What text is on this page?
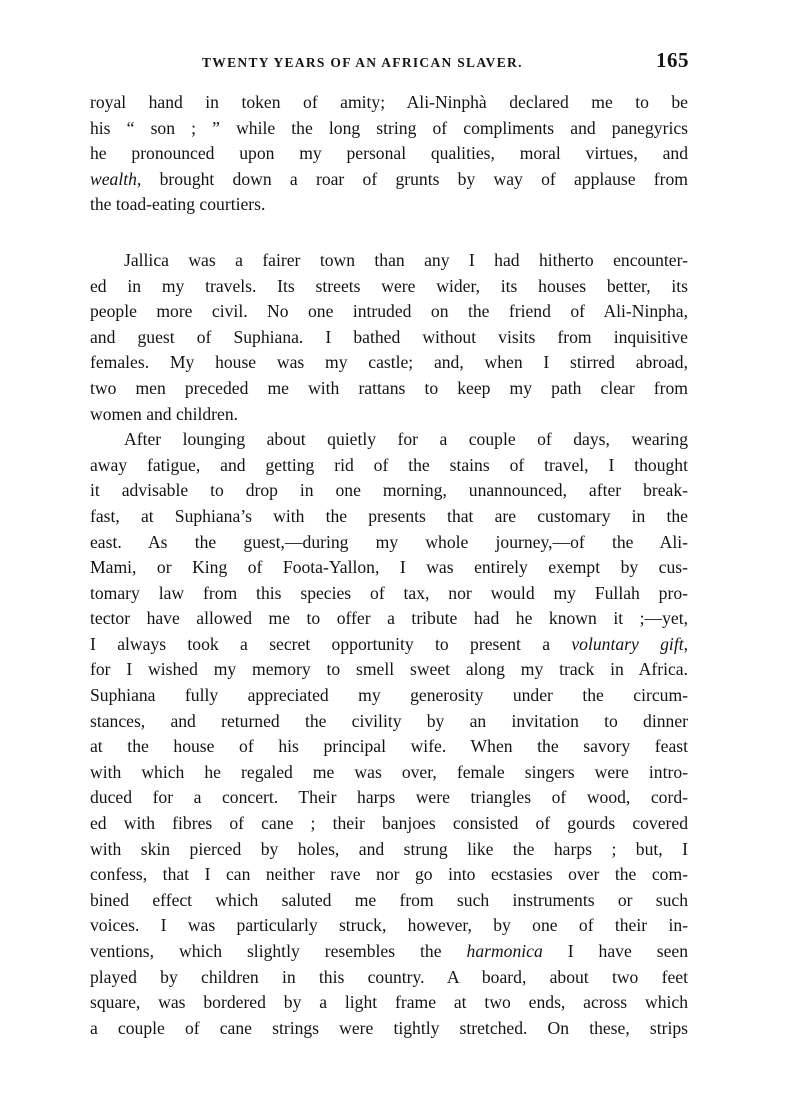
TWENTY YEARS OF AN AFRICAN SLAVER.	165
royal hand in token of amity; Ali-Ninphà declared me to be
his “ son ; ” while the long string of compliments and panegyrics
he pronounced upon my personal qualities, moral virtues, and
wealth, brought down a roar of grunts by way of applause from
the toad-eating courtiers.
Jallica was a fairer town than any I had hitherto encounter-
ed in my travels. Its streets were wider, its houses better, its
people more civil. No one intruded on the friend of Ali-Ninpha,
and guest of Suphiana. I bathed without visits from inquisitive
females. My house was my castle; and, when I stirred abroad,
two men preceded me with rattans to keep my path clear from
women and children.
After lounging about quietly for a couple of days, wearing
away fatigue, and getting rid of the stains of travel, I thought
it advisable to drop in one morning, unannounced, after break-
fast, at Suphiana’s with the presents that are customary in the
east. As the guest,—during my whole journey,—of the Ali-
Mami, or King of Foota-Yallon, I was entirely exempt by cus-
tomary law from this species of tax, nor would my Fullah pro-
tector have allowed me to offer a tribute had he known it ;—yet,
I always took a secret opportunity to present a voluntary gift,
for I wished my memory to smell sweet along my track in Africa.
Suphiana fully appreciated my generosity under the circum-
stances, and returned the civility by an invitation to dinner
at the house of his principal wife. When the savory feast
with which he regaled me was over, female singers were intro-
duced for a concert. Their harps were triangles of wood, cord-
ed with fibres of cane ; their banjoes consisted of gourds covered
with skin pierced by holes, and strung like the harps ; but, I
confess, that I can neither rave nor go into ecstasies over the com-
bined effect which saluted me from such instruments or such
voices. I was particularly struck, however, by one of their in-
ventions, which slightly resembles the harmonica I have seen
played by children in this country. A board, about two feet
square, was bordered by a light frame at two ends, across which
a couple of cane strings were tightly stretched. On these, strips
